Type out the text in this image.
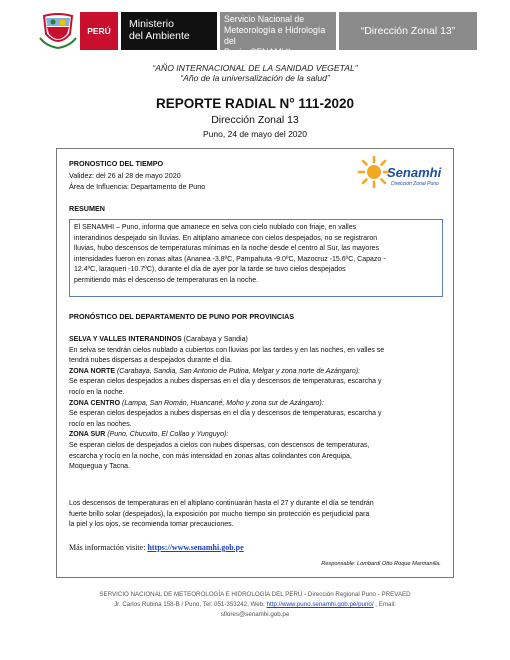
PERÚ
Ministerio
del Ambiente
Servicio Nacional de
Meteorología e Hidrología del
Perú - SENAMHI
“Dirección Zonal 13”
“AÑO INTERNACIONAL DE LA SANIDAD VEGETAL”
“Año de la universalización de la salud”
REPORTE RADIAL N° 111-2020
Dirección Zonal 13
Puno, 24 de mayo del 2020
PRONOSTICO DEL TIEMPO
Validez: del 26 al 28 de mayo 2020
Área de Influencia: Departamento de Puno
Senamhi
Dirección Zonal Puno
RESUMEN
El SENAMHI – Puno, informa que amanece en selva con cielo nublado con friaje, en valles
interandinos despejado sin lluvias. En altiplano amanece con cielos despejados, no se registraron
lluvias, hubo descensos de temperaturas mínimas en la noche desde el centro al Sur, las mayores
intensidades fueron en zonas altas (Ananea -3.8ºC, Pampahuta -9.0ºC, Mazocruz -15.6ºC, Capazo -
12.4ºC, laraqueri -10.7ºC), durante el día de ayer por la tarde se tuvo cielos despejados
permitiendo más el descenso de temperaturas en la noche.
PRONÓSTICO DEL DEPARTAMENTO DE PUNO POR PROVINCIAS
SELVA Y VALLES INTERANDINOS (Carabaya y Sandia)
En selva se tendrán cielos nublado a cubiertos con lluvias por las tardes y en las noches, en valles se
tendrá nubes dispersas a despejados durante el día.
ZONA NORTE (Carabaya, Sandia, San Antonio de Putina, Melgar y zona norte de Azángaro):
Se esperan cielos despejados a nubes dispersas en el día y descensos de temperaturas, escarcha y
rocío en la noche.
ZONA CENTRO (Lampa, San Román, Huancané, Moho y zona sur de Azángaro):
Se esperan cielos despejados a nubes dispersas en el día y descensos de temperaturas, escarcha y
rocío en las noches.
ZONA SUR (Puno, Chucuito, El Collao y Yunguyo):
Se esperan cielos de despejados a cielos con nubes dispersas, con descensos de temperaturas,
escarcha y rocío en la noche, con más intensidad en zonas altas colindantes con Arequipa,
Moquegua y Tacna.
Los descensos de temperaturas en el altiplano continuarán hasta el 27 y durante el día se tendrán
fuerte brillo solar (despejados), la exposición por mucho tiempo sin protección es perjudicial para
la piel y los ojos, se recomienda tomar precauciones.
Más información visite: https://www.senamhi.gob.pe
Responsable: Lombardi Otto Roque Marmanilla.
SERVICIO NACIONAL DE METEOROLOGÍA E HIDROLOGÍA DEL PERÚ - Dirección Regional Puno - PREVAED
Jr. Carlos Rubina 158-B / Puno, Tel: 051-353242. Web: http://www.puno.senamhi.gob.pe/puno/ , Email:
sflores@senamhi.gob.pe
